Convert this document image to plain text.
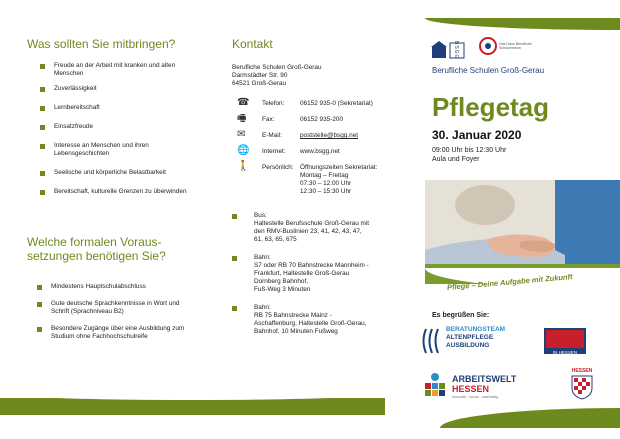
Was sollten Sie mitbringen?
Freude an der Arbeit mit kranken und alten Menschen
Zuverlässigkeit
Lernbereitschaft
Einsatzfreude
Interesse an Menschen und ihren Lebensgeschichten
Seelische und körperliche Belastbarkeit
Bereitschaft, kulturelle Grenzen zu überwinden
Welche formalen Voraus-
setzungen benötigen Sie?
Mindestens Hauptschulabschluss
Gute deutsche Sprachkenntnisse in Wort und Schrift (Sprachniveau B2)
Besondere Zugänge über eine Ausbildung zum Studium ohne Fachhochschulreife
Kontakt
Berufliche Schulen Groß-Gerau
Darmstädter Str. 90
64521 Groß-Gerau
☎ Telefon: 06152 935-0 (Sekretariat)
🖷 Fax:	06152 935-200
✉	E-Mail:	poststelle@bsgg.net
🌐 Internet: www.bsgg.net
🚶 Persönlich: Öffnungszeiten Sekretariat:
Montag – Freitag
07:30 – 12:00 Uhr
12:30 – 15:30 Uhr
Bus:
Haltestelle Berufsschule Groß-Gerau mit
den RMV-Buslinien 23, 41, 42, 43, 47,
61, 63, 65, 675
Bahn:
S7 oder RB 70 Bahnstrecke Mannheim -
Frankfurt, Haltestelle Groß-Gerau
Dornberg Bahnhof,
Fuß-Weg 3 Minuten
Bahn:
RB 75 Bahnstrecke Mainz -
Aschaffenburg, Haltestelle Groß-Gerau,
Bahnhof, 10 Minuten Fußweg
BSGG	Das Haus Berufliche Schulzentrum
Berufliche Schulen Groß-Gerau
Pflegetag
30. Januar 2020
09:00 Uhr bis 12:30 Uhr
Aula und Foyer
Pflege – Deine Aufgabe mit Zukunft
Es begrüßen Sie:
BERATUNGSTEAM
ALTENPFLEGE
AUSBILDUNG
IN HESSEN
ARBEITSWELT
HESSEN
innovativ · sozial · nachhaltig
HESSEN
